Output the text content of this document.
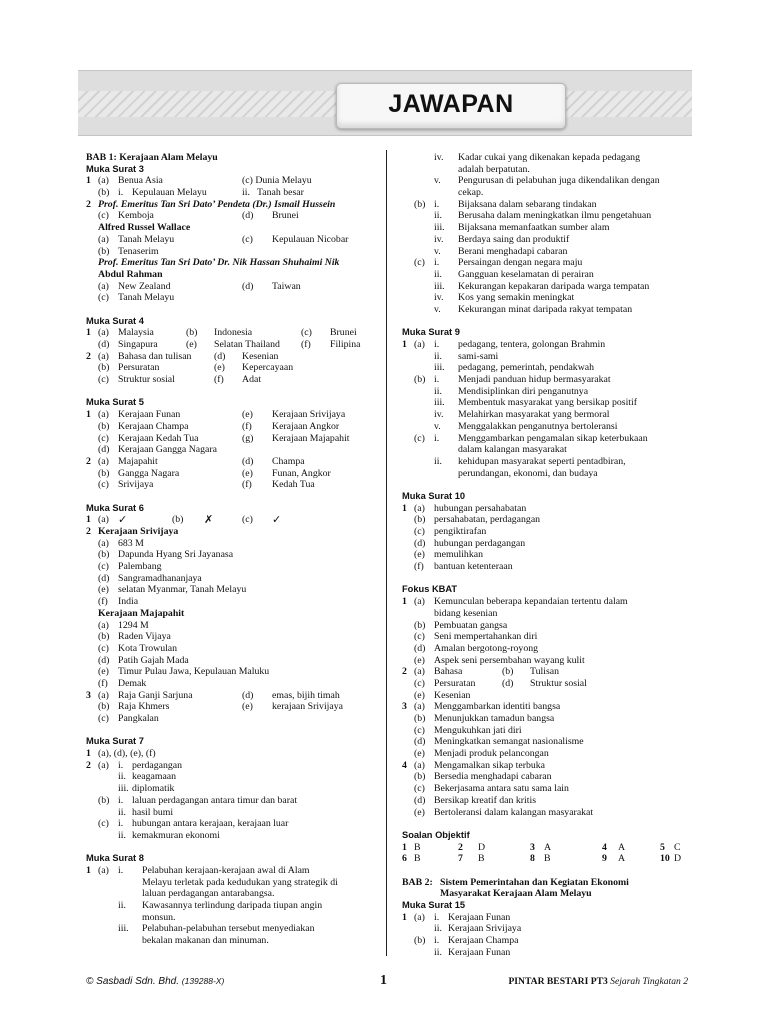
JAWAPAN
BAB 1: Kerajaan Alam Melayu
Muka Surat 3
1 (a) Benua Asia	(c) Dunia Melayu
(b) i. Kepulauan Melayu	ii. Tanah besar
2 Prof. Emeritus Tan Sri Dato’ Pendeta (Dr.) Ismail Hussein
(c) Kemboja	(d) Brunei
Alfred Russel Wallace
(a) Tanah Melayu	(c) Kepulauan Nicobar
(b) Tenaserim
Prof. Emeritus Tan Sri Dato’ Dr. Nik Hassan Shuhaimi Nik
Abdul Rahman
(a) New Zealand	(d) Taiwan
(c) Tanah Melayu
Muka Surat 4
1 (a) Malaysia	(b) Indonesia	(c) Brunei
(d) Singapura	(e) Selatan Thailand (f) Filipina
2 (a) Bahasa dan tulisan (d) Kesenian
(b) Persuratan	(e) Kepercayaan
(c) Struktur sosial	(f) Adat
Muka Surat 5
1 (a) Kerajaan Funan	(e) Kerajaan Srivijaya
(b) Kerajaan Champa	(f) Kerajaan Angkor
(c) Kerajaan Kedah Tua	(g) Kerajaan Majapahit
(d) Kerajaan Gangga Nagara
2 (a) Majapahit	(d) Champa
(b) Gangga Nagara	(e) Funan, Angkor
(c) Srivijaya	(f) Kedah Tua
Muka Surat 6
1 (a) ✓	(b) ✗	(c) ✓
2 Kerajaan Srivijaya
(a) 683 M
(b) Dapunda Hyang Sri Jayanasa
(c) Palembang
(d) Sangramadhananjaya
(e) selatan Myanmar, Tanah Melayu
(f) India
Kerajaan Majapahit
(a) 1294 M
(b) Raden Vijaya
(c) Kota Trowulan
(d) Patih Gajah Mada
(e) Timur Pulau Jawa, Kepulauan Maluku
(f) Demak
3 (a) Raja Ganji Sarjuna	(d) emas, bijih timah
(b) Raja Khmers	(e) kerajaan Srivijaya
(c) Pangkalan
Muka Surat 7
1 (a), (d), (e), (f)
2 (a) i. perdagangan
ii. keagamaan
iii. diplomatik
(b) i. laluan perdagangan antara timur dan barat
ii. hasil bumi
(c) i. hubungan antara kerajaan, kerajaan luar
ii. kemakmuran ekonomi
Muka Surat 8
1 (a) i. Pelabuhan kerajaan-kerajaan awal di Alam
Melayu terletak pada kedudukan yang strategik di
laluan perdagangan antarabangsa.
ii. Kawasannya terlindung daripada tiupan angin
monsun.
iii. Pelabuhan-pelabuhan tersebut menyediakan
bekalan makanan dan minuman.
iv. Kadar cukai yang dikenakan kepada pedagang
adalah berpatutan.
v. Pengurusan di pelabuhan juga dikendalikan dengan
cekap.
(b) i. Bijaksana dalam sebarang tindakan
ii. Berusaha dalam meningkatkan ilmu pengetahuan
iii. Bijaksana memanfaatkan sumber alam
iv. Berdaya saing dan produktif
v. Berani menghadapi cabaran
(c) i. Persaingan dengan negara maju
ii. Gangguan keselamatan di perairan
iii. Kekurangan kepakaran daripada warga tempatan
iv. Kos yang semakin meningkat
v. Kekurangan minat daripada rakyat tempatan
Muka Surat 9
1 (a) i. pedagang, tentera, golongan Brahmin
ii. sami-sami
iii. pedagang, pemerintah, pendakwah
(b) i. Menjadi panduan hidup bermasyarakat
ii. Mendisiplinkan diri penganutnya
iii. Membentuk masyarakat yang bersikap positif
iv. Melahirkan masyarakat yang bermoral
v. Menggalakkan penganutnya bertoleransi
(c) i. Menggambarkan pengamalan sikap keterbukaan
dalam kalangan masyarakat
ii. kehidupan masyarakat seperti pentadbiran,
perundangan, ekonomi, dan budaya
Muka Surat 10
1 (a) hubungan persahabatan
(b) persahabatan, perdagangan
(c) pengiktirafan
(d) hubungan perdagangan
(e) memulihkan
(f) bantuan ketenteraan
Fokus KBAT
1 (a) Kemunculan beberapa kepandaian tertentu dalam
bidang kesenian
(b) Pembuatan gangsa
(c) Seni mempertahankan diri
(d) Amalan bergotong-royong
(e) Aspek seni persembahan wayang kulit
2 (a) Bahasa	(b) Tulisan
(c) Persuratan	(d) Struktur sosial
(e) Kesenian
3 (a) Menggambarkan identiti bangsa
(b) Menunjukkan tamadun bangsa
(c) Mengukuhkan jati diri
(d) Meningkatkan semangat nasionalisme
(e) Menjadi produk pelancongan
4 (a) Mengamalkan sikap terbuka
(b) Bersedia menghadapi cabaran
(c) Bekerjasama antara satu sama lain
(d) Bersikap kreatif dan kritis
(e) Bertoleransi dalam kalangan masyarakat
Soalan Objektif
1 B	2 D	3 A	4 A	5 C
6 B	7 B	8 B	9 A	10 D
BAB 2: Sistem Pemerintahan dan Kegiatan Ekonomi
Masyarakat Kerajaan Alam Melayu
Muka Surat 15
1 (a) i. Kerajaan Funan
ii. Kerajaan Srivijaya
(b) i. Kerajaan Champa
ii. Kerajaan Funan
© Sasbadi Sdn. Bhd. (139288-X)	1	PINTAR BESTARI PT3 Sejarah Tingkatan 2
